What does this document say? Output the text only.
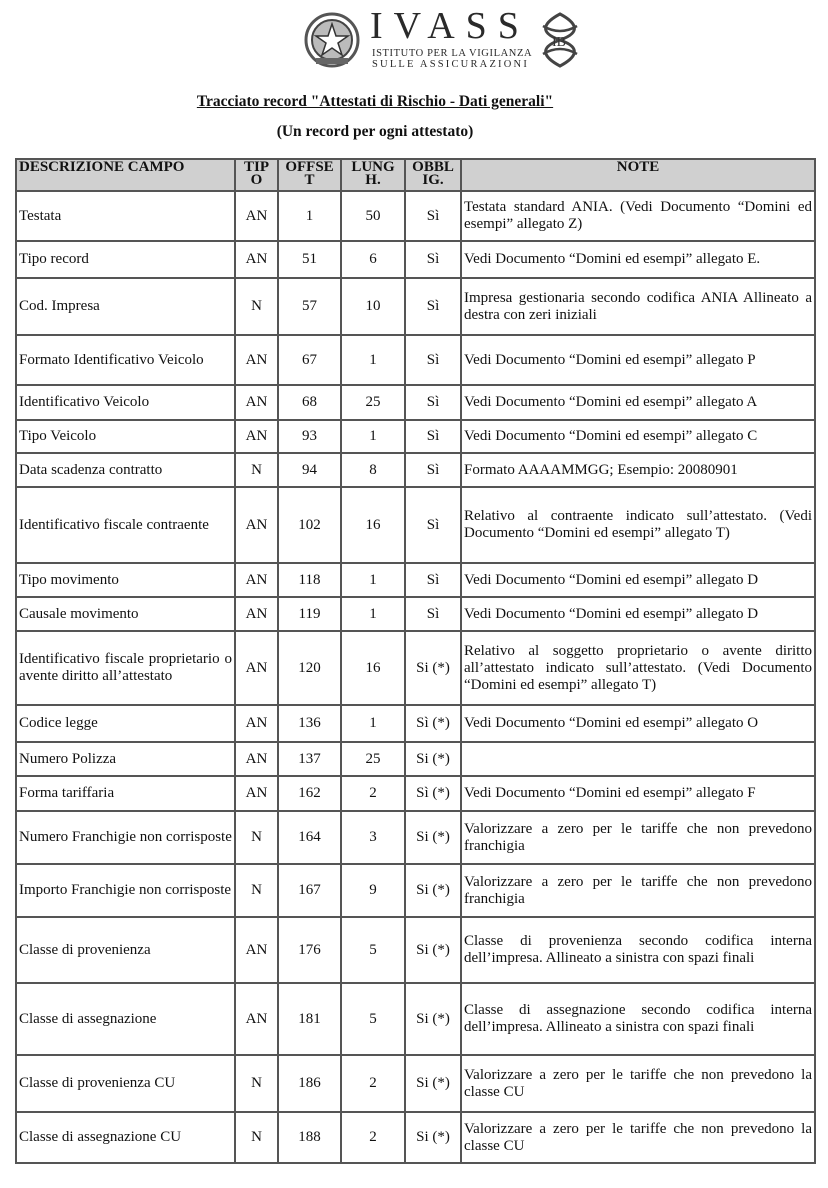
IVASS
ISTITUTO PER LA VIGILANZA
SULLE ASSICURAZIONI
IB
Tracciato record "Attestati di Rischio - Dati generali"
(Un record per ogni attestato)
DESCRIZIONE CAMPO	TIP O	OFFSE T	LUNG H.	OBBL IG.	NOTE
Testata	AN	1	50	Sì	Testata standard ANIA. (Vedi Documento “Domini ed esempi” allegato Z)
Tipo record	AN	51	6	Sì	Vedi Documento “Domini ed esempi” allegato E.
Cod. Impresa	N	57	10	Sì	Impresa gestionaria secondo codifica ANIA Allineato a destra con zeri iniziali
Formato Identificativo Veicolo	AN	67	1	Sì	Vedi Documento “Domini ed esempi” allegato P
Identificativo Veicolo	AN	68	25	Sì	Vedi Documento “Domini ed esempi” allegato A
Tipo Veicolo	AN	93	1	Sì	Vedi Documento “Domini ed esempi” allegato C
Data scadenza contratto	N	94	8	Sì	Formato AAAAMMGG; Esempio: 20080901
Identificativo fiscale contraente	AN	102	16	Sì	Relativo al contraente indicato sull’attestato. (Vedi Documento “Domini ed esempi” allegato T)
Tipo movimento	AN	118	1	Sì	Vedi Documento “Domini ed esempi” allegato D
Causale movimento	AN	119	1	Sì	Vedi Documento “Domini ed esempi” allegato D
Identificativo fiscale proprietario o avente diritto all’attestato	AN	120	16	Si (*)	Relativo al soggetto proprietario o avente diritto all’attestato indicato sull’attestato. (Vedi Documento “Domini ed esempi” allegato T)
Codice legge	AN	136	1	Sì (*)	Vedi Documento “Domini ed esempi” allegato O
Numero Polizza	AN	137	25	Si (*)	
Forma tariffaria	AN	162	2	Sì (*)	Vedi Documento “Domini ed esempi” allegato F
Numero Franchigie non corrisposte	N	164	3	Si (*)	Valorizzare a zero per le tariffe che non prevedono franchigia
Importo Franchigie non corrisposte	N	167	9	Si (*)	Valorizzare a zero per le tariffe che non prevedono franchigia
Classe di provenienza	AN	176	5	Si (*)	Classe di provenienza secondo codifica interna dell’impresa. Allineato a sinistra con spazi finali
Classe di assegnazione	AN	181	5	Si (*)	Classe di assegnazione secondo codifica interna dell’impresa. Allineato a sinistra con spazi finali
Classe di provenienza CU	N	186	2	Si (*)	Valorizzare a zero per le tariffe che non prevedono la classe CU
Classe di assegnazione CU	N	188	2	Si (*)	Valorizzare a zero per le tariffe che non prevedono la classe CU
